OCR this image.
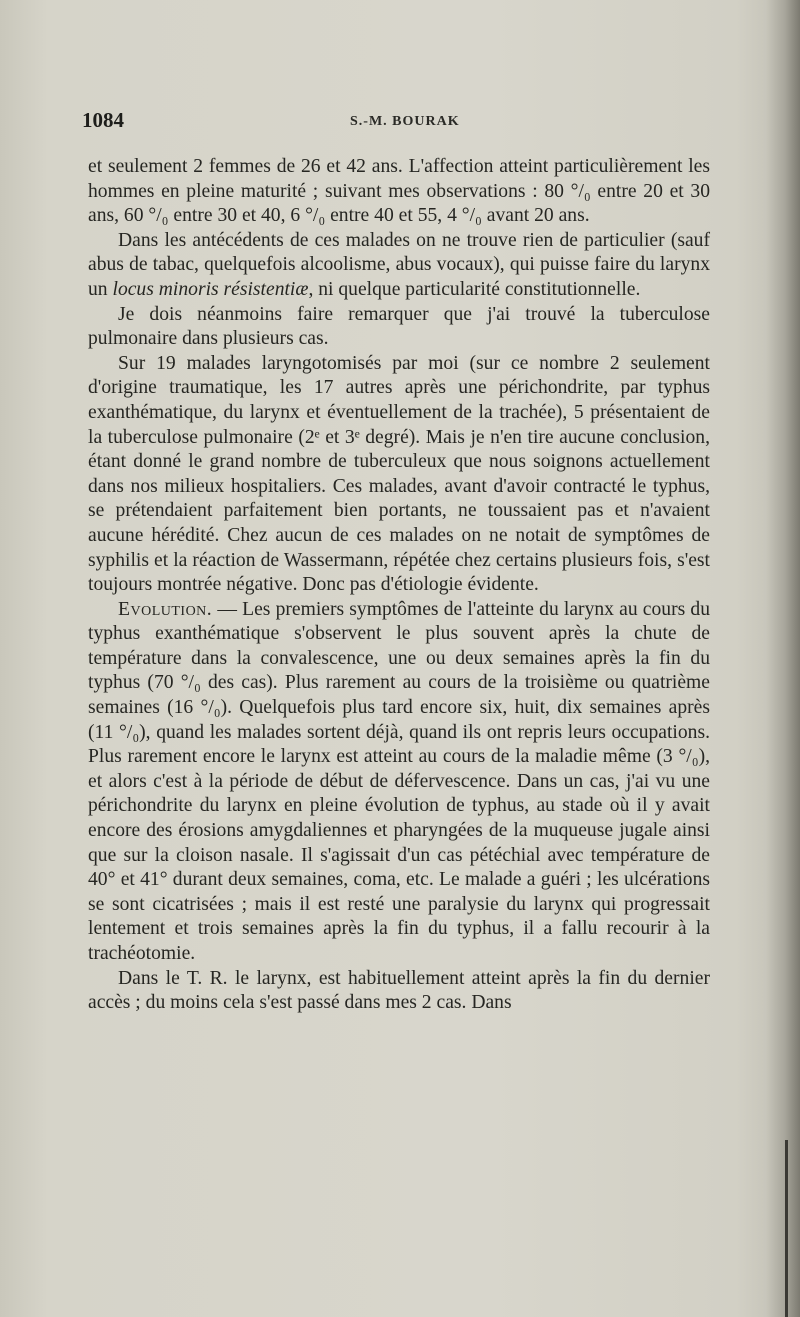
1084	S.-M. BOURAK

et seulement 2 femmes de 26 et 42 ans. L'affection atteint particulièrement les hommes en pleine maturité ; suivant mes observations : 80 °/₀ entre 20 et 30 ans, 60 °/₀ entre 30 et 40, 6 °/₀ entre 40 et 55, 4 °/₀ avant 20 ans.

Dans les antécédents de ces malades on ne trouve rien de particulier (sauf abus de tabac, quelquefois alcoolisme, abus vocaux), qui puisse faire du larynx un locus minoris résistentiæ, ni quelque particularité constitutionnelle.

Je dois néanmoins faire remarquer que j'ai trouvé la tuberculose pulmonaire dans plusieurs cas.

Sur 19 malades laryngotomisés par moi (sur ce nombre 2 seulement d'origine traumatique, les 17 autres après une périchondrite, par typhus exanthématique, du larynx et éventuellement de la trachée), 5 présentaient de la tuberculose pulmonaire (2ᵉ et 3ᵉ degré). Mais je n'en tire aucune conclusion, étant donné le grand nombre de tuberculeux que nous soignons actuellement dans nos milieux hospitaliers. Ces malades, avant d'avoir contracté le typhus, se prétendaient parfaitement bien portants, ne toussaient pas et n'avaient aucune hérédité. Chez aucun de ces malades on ne notait de symptômes de syphilis et la réaction de Wassermann, répétée chez certains plusieurs fois, s'est toujours montrée négative. Donc pas d'étiologie évidente.

Evolution. — Les premiers symptômes de l'atteinte du larynx au cours du typhus exanthématique s'observent le plus souvent après la chute de température dans la convalescence, une ou deux semaines après la fin du typhus (70 °/₀ des cas). Plus rarement au cours de la troisième ou quatrième semaines (16 °/₀). Quelquefois plus tard encore six, huit, dix semaines après (11 °/₀), quand les malades sortent déjà, quand ils ont repris leurs occupations. Plus rarement encore le larynx est atteint au cours de la maladie même (3 °/₀), et alors c'est à la période de début de défervescence. Dans un cas, j'ai vu une périchondrite du larynx en pleine évolution de typhus, au stade où il y avait encore des érosions amygdaliennes et pharyngées de la muqueuse jugale ainsi que sur la cloison nasale. Il s'agissait d'un cas pétéchial avec température de 40° et 41° durant deux semaines, coma, etc. Le malade a guéri ; les ulcérations se sont cicatrisées ; mais il est resté une paralysie du larynx qui progressait lentement et trois semaines après la fin du typhus, il a fallu recourir à la trachéotomie.

Dans le T. R. le larynx, est habituellement atteint après la fin du dernier accès ; du moins cela s'est passé dans mes 2 cas. Dans
